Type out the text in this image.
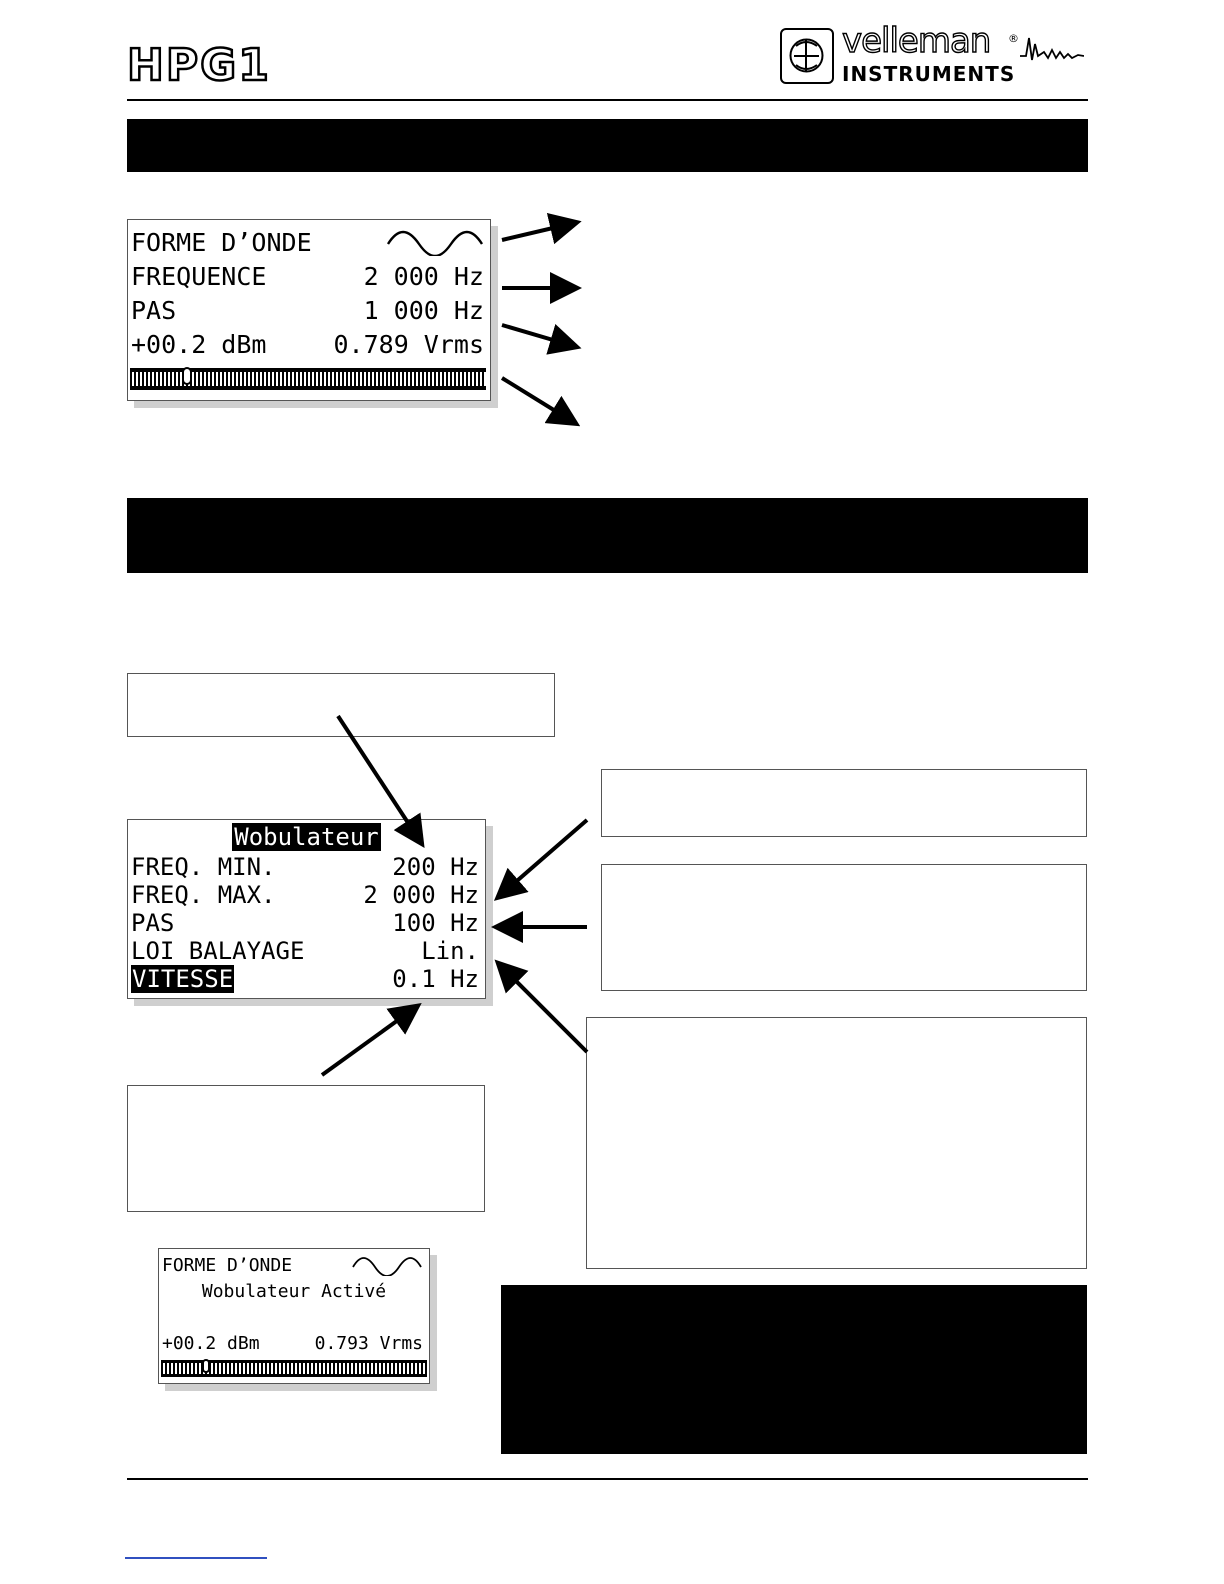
HPG1	velleman ®
INSTRUMENTS
FORME D’ONDE
FREQUENCE	2 000 Hz
PAS	1 000 Hz
+00.2 dBm	0.789 Vrms
Wobulateur
FREQ. MIN.	200 Hz
FREQ. MAX.	2 000 Hz
PAS	100 Hz
LOI BALAYAGE	Lin.
VITESSE	0.1 Hz
FORME D’ONDE
Wobulateur Activé
+00.2 dBm	0.793 Vrms
